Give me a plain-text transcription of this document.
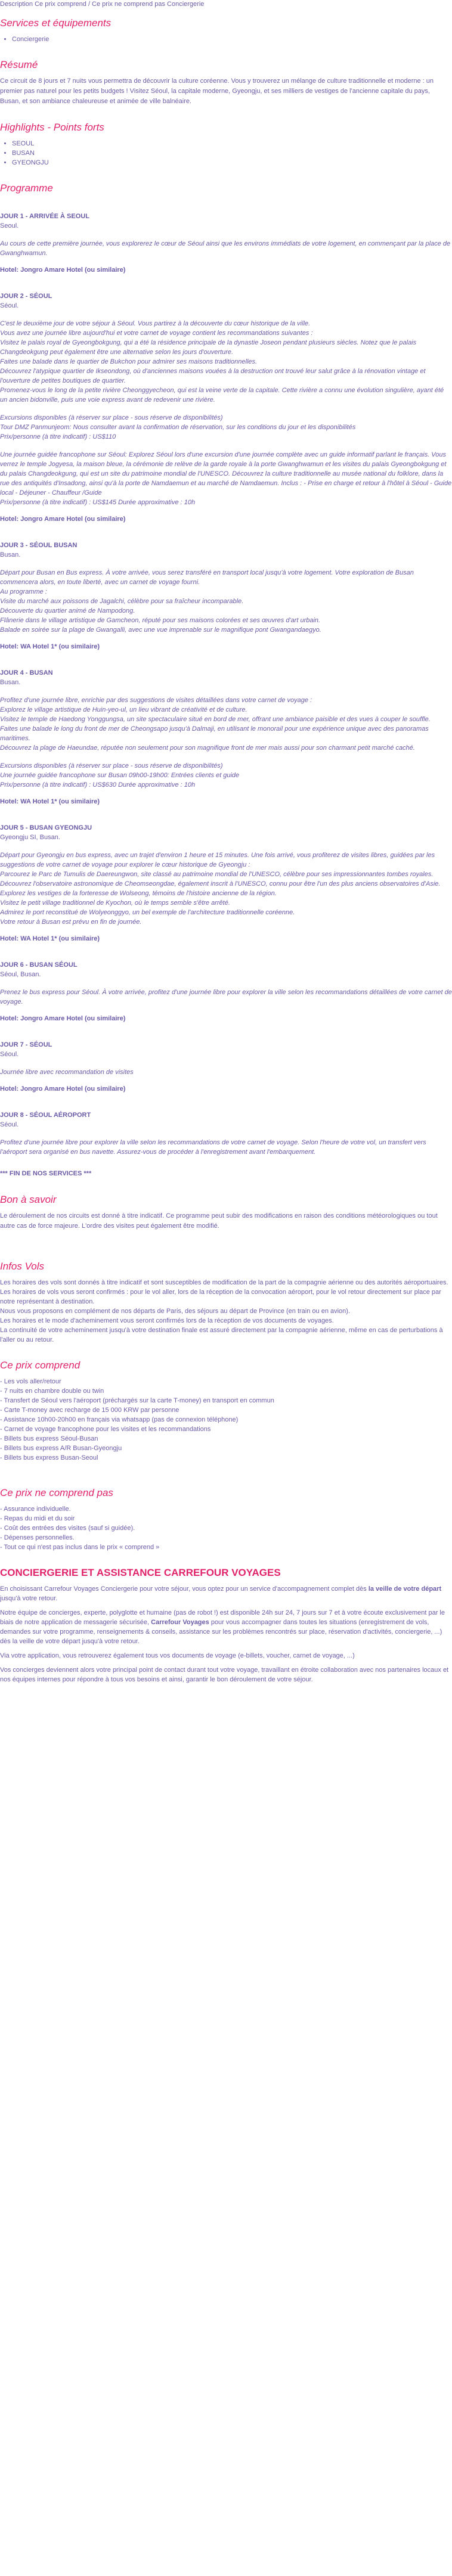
Description Ce prix comprend / Ce prix ne comprend pas Conciergerie
Services et équipements
• Conciergerie
Résumé

Ce circuit de 8 jours et 7 nuits vous permettra de découvrir la culture coréenne. Vous y trouverez un mélange de culture traditionnelle et moderne : un premier pas naturel pour les petits budgets ! Visitez Séoul, la capitale moderne, Gyeongju, et ses milliers de vestiges de l'ancienne capitale du pays, Busan, et son ambiance chaleureuse et animée de ville balnéaire.

Highlights - Points forts
• SEOUL
• BUSAN
• GYEONGJU
Programme
JOUR 1 - ARRIVÉE À SEOUL
Seoul.

Au cours de cette première journée, vous explorerez le cœur de Séoul ainsi que les environs immédiats de votre logement, en commençant par la place de Gwanghwamun.

Hotel: Jongro Amare Hotel (ou similaire)
JOUR 2 - SÉOUL
Séoul.

C'est le deuxième jour de votre séjour à Séoul. Vous partirez à la découverte du cœur historique de la ville.

Vous avez une journée libre aujourd'hui et votre carnet de voyage contient les recommandations suivantes :

Visitez le palais royal de Gyeongbokgung, qui a été la résidence principale de la dynastie Joseon pendant plusieurs siècles. Notez que le palais Changdeokgung peut également être une alternative selon les jours d'ouverture.

Faites une balade dans le quartier de Bukchon pour admirer ses maisons traditionnelles.

Découvrez l'atypique quartier de Ikseondong, où d'anciennes maisons vouées à la destruction ont trouvé leur salut grâce à la rénovation vintage et l'ouverture de petites boutiques de quartier.

Promenez-vous le long de la petite rivière Cheonggyecheon, qui est la veine verte de la capitale. Cette rivière a connu une évolution singulière, ayant été un ancien bidonville, puis une voie express avant de redevenir une rivière.

Excursions disponibles (à réserver sur place - sous réserve de disponibilités)

Tour DMZ Panmunjeom: Nous consulter avant la confirmation de réservation, sur les conditions du jour et les disponibilités

Prix/personne (à titre indicatif) : US$110

Une journée guidée francophone sur Séoul: Explorez Séoul lors d'une excursion d'une journée complète avec un guide informatif parlant le français. Vous verrez le temple Jogyesa, la maison bleue, la cérémonie de relève de la garde royale à la porte Gwanghwamun et les visites du palais Gyeongbokgung et du palais Changdeokgung, qui est un site du patrimoine mondial de l'UNESCO. Découvrez la culture traditionnelle au musée national du folklore, dans la rue des antiquités d'Insadong, ainsi qu'à la porte de Namdaemun et au marché de Namdaemun. Inclus : - Prise en charge et retour à l'hôtel à Séoul - Guide local - Déjeuner - Chauffeur /Guide

Prix/personne (à titre indicatif) : US$145 Durée approximative : 10h

Hotel: Jongro Amare Hotel (ou similaire)
JOUR 3 - SÉOUL BUSAN
Busan.

Départ pour Busan en Bus express. À votre arrivée, vous serez transféré en transport local jusqu'à votre logement. Votre exploration de Busan commencera alors, en toute liberté, avec un carnet de voyage fourni.

Au programme :

Visite du marché aux poissons de Jagalchi, célèbre pour sa fraîcheur incomparable.

Découverte du quartier animé de Nampodong.

Flânerie dans le village artistique de Gamcheon, réputé pour ses maisons colorées et ses œuvres d'art urbain.

Balade en soirée sur la plage de Gwangalli, avec une vue imprenable sur le magnifique pont Gwangandaegyo.

Hotel: WA Hotel 1* (ou similaire)
JOUR 4 - BUSAN
Busan.

Profitez d'une journée libre, enrichie par des suggestions de visites détaillées dans votre carnet de voyage :

Explorez le village artistique de Huin-yeo-ul, un lieu vibrant de créativité et de culture.

Visitez le temple de Haedong Yonggungsa, un site spectaculaire situé en bord de mer, offrant une ambiance paisible et des vues à couper le souffle.

Faites une balade le long du front de mer de Cheongsapo jusqu'à Dalmaji, en utilisant le monorail pour une expérience unique avec des panoramas maritimes.

Découvrez la plage de Haeundae, réputée non seulement pour son magnifique front de mer mais aussi pour son charmant petit marché caché.

Excursions disponibles (à réserver sur place - sous réserve de disponibilités)

Une journée guidée francophone sur Busan 09h00-19h00: Entrées clients et guide

Prix/personne (à titre indicatif) : US$630 Durée approximative : 10h

Hotel: WA Hotel 1* (ou similaire)
JOUR 5 - BUSAN GYEONGJU
Gyeongju SI, Busan.

Départ pour Gyeongju en bus express, avec un trajet d'environ 1 heure et 15 minutes. Une fois arrivé, vous profiterez de visites libres, guidées par les suggestions de votre carnet de voyage pour explorer le cœur historique de Gyeongju :

Parcourez le Parc de Tumulis de Daereungwon, site classé au patrimoine mondial de l'UNESCO, célèbre pour ses impressionnantes tombes royales.

Découvrez l'observatoire astronomique de Cheomseongdae, également inscrit à l'UNESCO, connu pour être l'un des plus anciens observatoires d'Asie.

Explorez les vestiges de la forteresse de Wolseong, témoins de l'histoire ancienne de la région.

Visitez le petit village traditionnel de Kyochon, où le temps semble s'être arrêté.

Admirez le port reconstitué de Wolyeonggyo, un bel exemple de l'architecture traditionnelle coréenne.

Votre retour à Busan est prévu en fin de journée.

Hotel: WA Hotel 1* (ou similaire)
JOUR 6 - BUSAN SÉOUL
Séoul, Busan.

Prenez le bus express pour Séoul. À votre arrivée, profitez d'une journée libre pour explorer la ville selon les recommandations détaillées de votre carnet de voyage.

Hotel: Jongro Amare Hotel (ou similaire)
JOUR 7 - SÉOUL
Séoul.

Journée libre avec recommandation de visites

Hotel: Jongro Amare Hotel (ou similaire)
JOUR 8 - SÉOUL AÉROPORT
Séoul.

Profitez d'une journée libre pour explorer la ville selon les recommandations de votre carnet de voyage. Selon l'heure de votre vol, un transfert vers l'aéroport sera organisé en bus navette. Assurez-vous de procéder à l'enregistrement avant l'embarquement.

*** FIN DE NOS SERVICES ***
Bon à savoir

Le déroulement de nos circuits est donné à titre indicatif. Ce programme peut subir des modifications en raison des conditions météorologiques ou tout autre cas de force majeure. L'ordre des visites peut également être modifié.

Infos Vols

Les horaires des vols sont donnés à titre indicatif et sont susceptibles de modification de la part de la compagnie aérienne ou des autorités aéroportuaires.

Les horaires de vols vous seront confirmés : pour le vol aller, lors de la réception de la convocation aéroport, pour le vol retour directement sur place par notre représentant à destination.

Nous vous proposons en complément de nos départs de Paris, des séjours au départ de Province (en train ou en avion).

Les horaires et le mode d'acheminement vous seront confirmés lors de la réception de vos documents de voyages.

La continuité de votre acheminement jusqu'à votre destination finale est assuré directement par la compagnie aérienne, même en cas de perturbations à l'aller ou au retour.

Ce prix comprend

- Les vols aller/retour

- 7 nuits en chambre double ou twin

- Transfert de Séoul vers l'aéroport (préchargés sur la carte T-money) en transport en commun

- Carte T-money avec recharge de 15 000 KRW par personne

- Assistance 10h00-20h00 en français via whatsapp (pas de connexion téléphone)

- Carnet de voyage francophone pour les visites et les recommandations

- Billets bus express Séoul-Busan

- Billets bus express A/R Busan-Gyeongju

- Billets bus express Busan-Seoul

Ce prix ne comprend pas

- Assurance individuelle.

- Repas du midi et du soir

- Coût des entrées des visites (sauf si guidée).

- Dépenses personnelles.

- Tout ce qui n'est pas inclus dans le prix « comprend »

CONCIERGERIE ET ASSISTANCE CARREFOUR VOYAGES

En choisissant Carrefour Voyages Conciergerie pour votre séjour, vous optez pour un service d'accompagnement complet dès la veille de votre départ jusqu'à votre retour.

Notre équipe de concierges, experte, polyglotte et humaine (pas de robot !) est disponible 24h sur 24, 7 jours sur 7 et à votre écoute exclusivement par le biais de notre application de messagerie sécurisée, Carrefour Voyages pour vous accompagner dans toutes les situations (enregistrement de vols, demandes sur votre programme, renseignements & conseils, assistance sur les problèmes rencontrés sur place, réservation d'activités, conciergerie, ...) dès la veille de votre départ jusqu'à votre retour.

Via votre application, vous retrouverez également tous vos documents de voyage (e-billets, voucher, carnet de voyage, ...)

Vos concierges deviennent alors votre principal point de contact durant tout votre voyage, travaillant en étroite collaboration avec nos partenaires locaux et nos équipes internes pour répondre à tous vos besoins et ainsi, garantir le bon déroulement de votre séjour.
